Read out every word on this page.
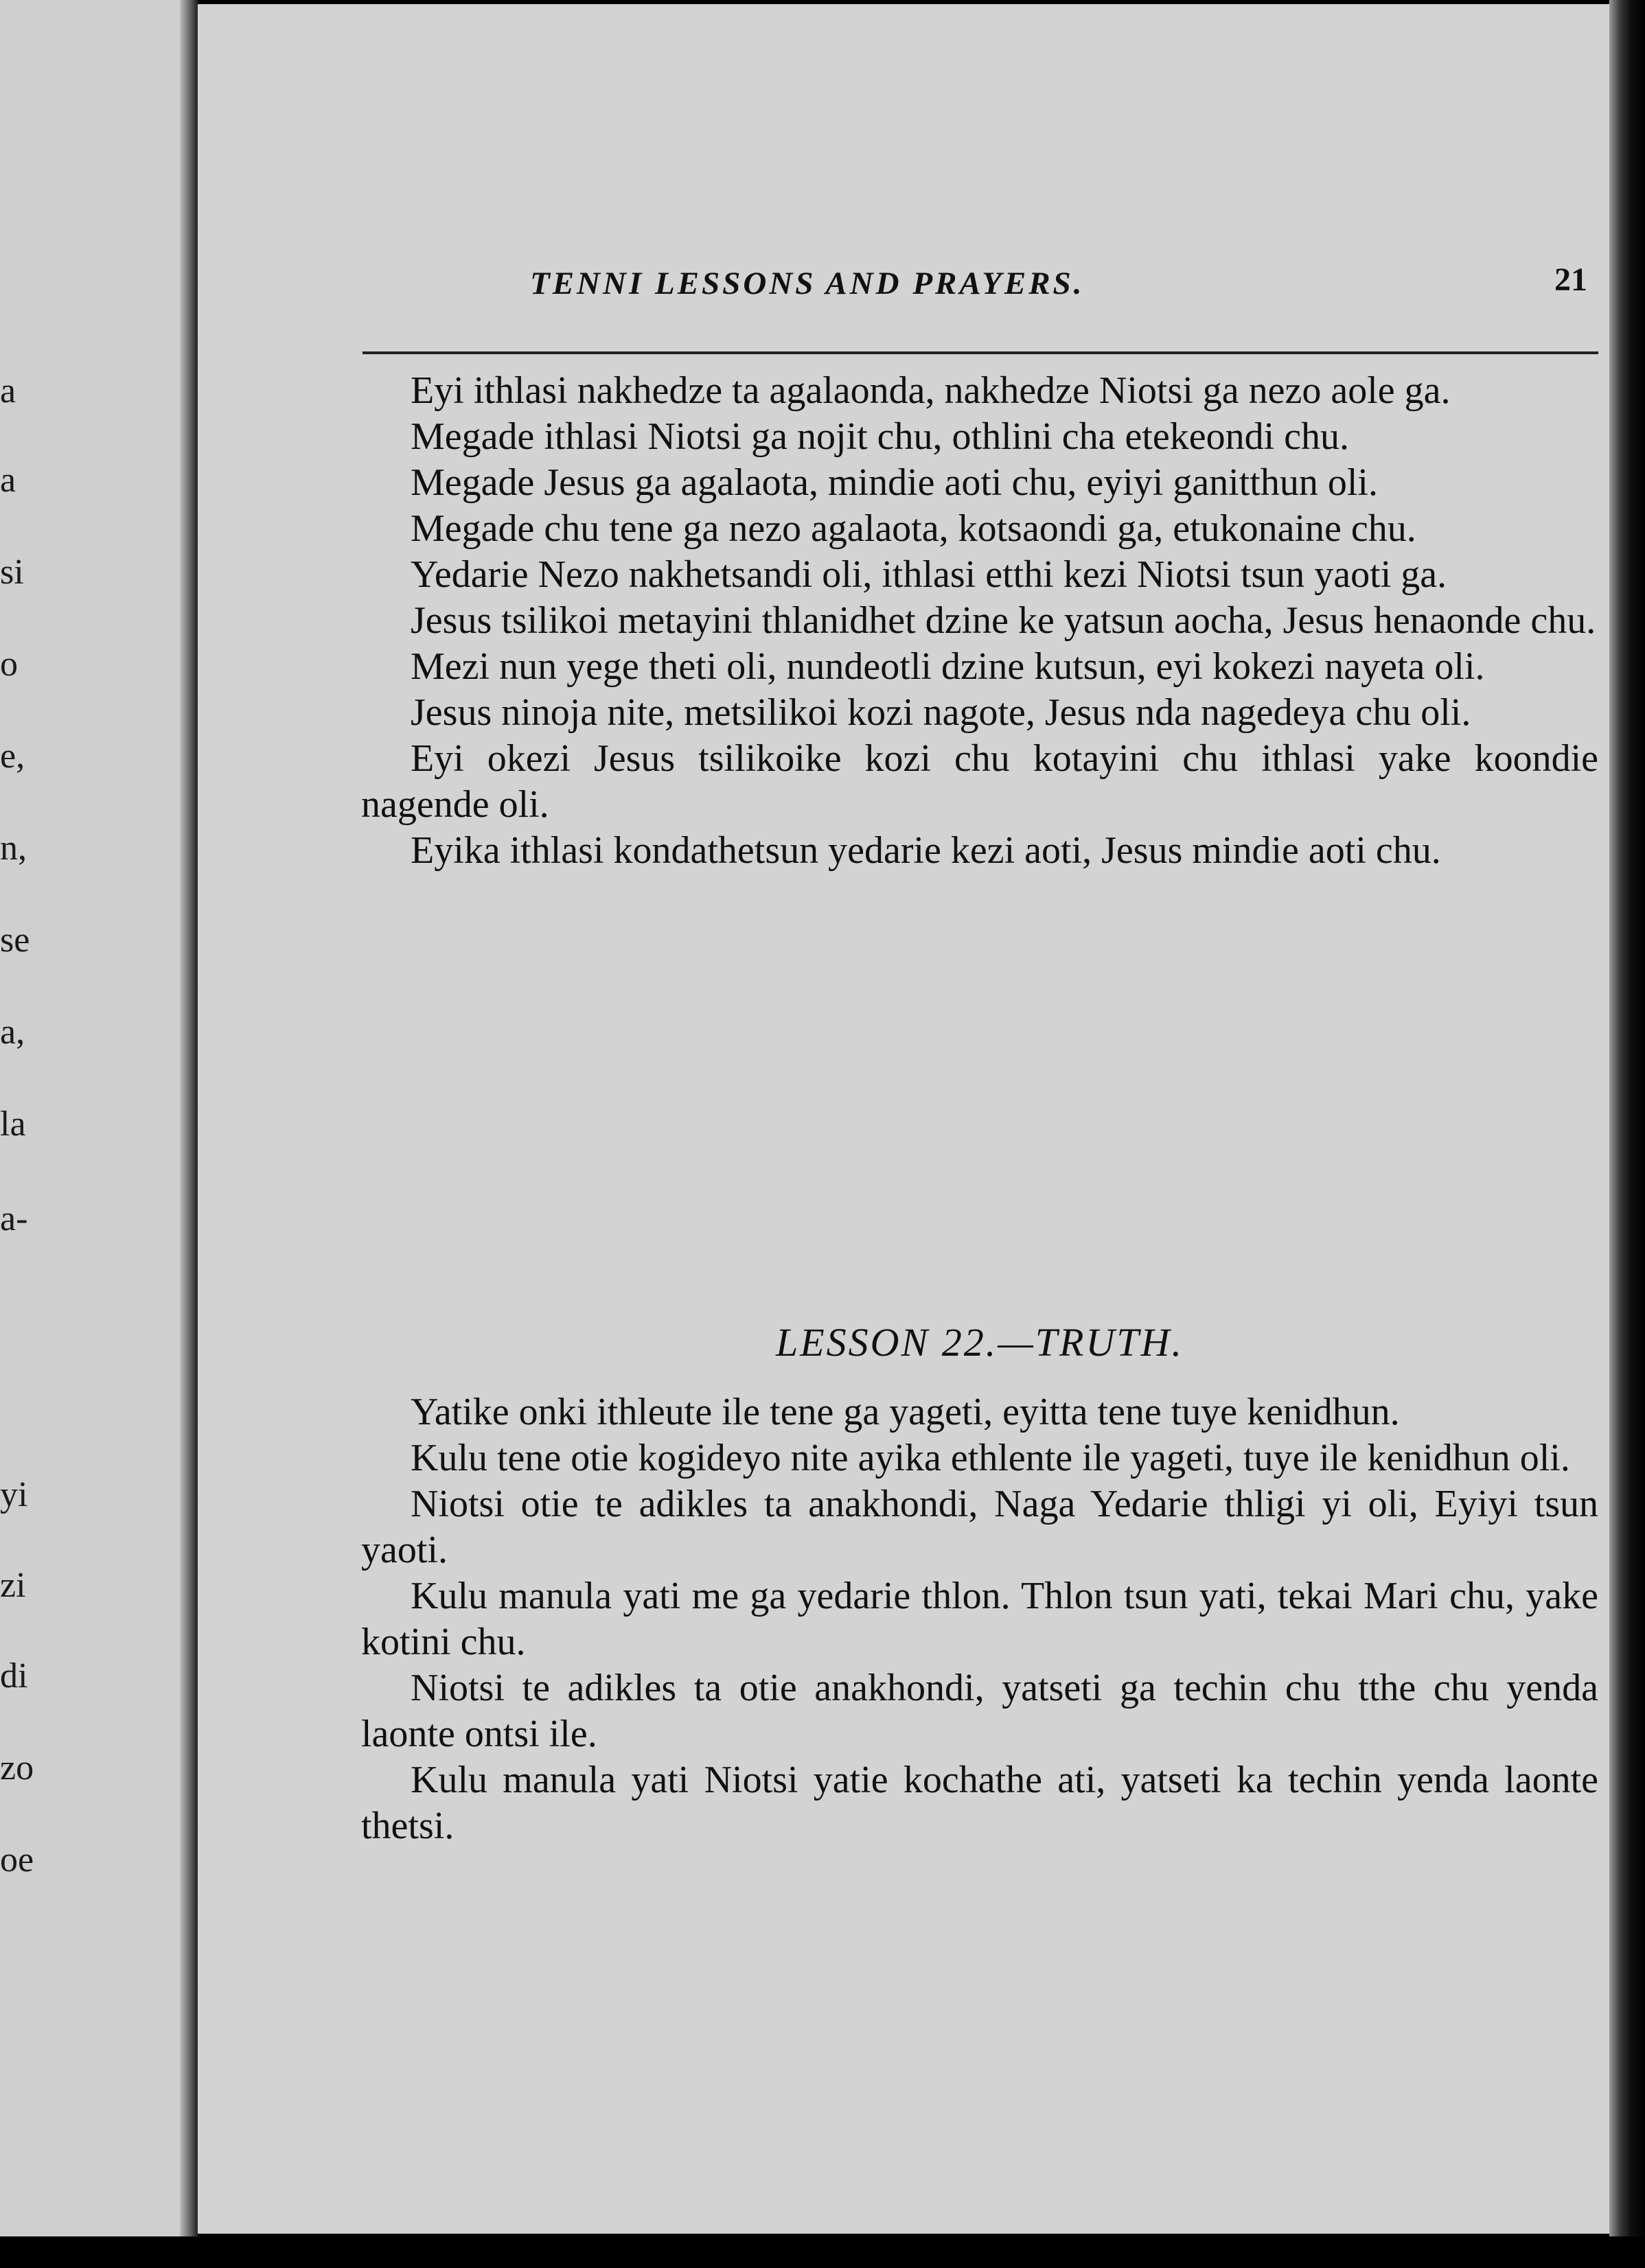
a
a
si
o
e,
n,
se
a,
la
a-
yi
zi
di
zo
oe
TENNI LESSONS AND PRAYERS.	21

Eyi ithlasi nakhedze ta agalaonda, nakhedze Niotsi ga nezo aole ga.

Megade ithlasi Niotsi ga nojit chu, othlini cha etekeondi chu.

Megade Jesus ga agalaota, mindie aoti chu, eyiyi ganitthun oli.

Megade chu tene ga nezo agalaota, kotsaondi ga, etukonaine chu.

Yedarie Nezo nakhetsandi oli, ithlasi etthi kezi Niotsi tsun yaoti ga.

Jesus tsilikoi metayini thlanidhet dzine ke yatsun aocha, Jesus henaonde chu.

Mezi nun yege theti oli, nundeotli dzine kutsun, eyi kokezi nayeta oli.

Jesus ninoja nite, metsilikoi kozi nagote, Jesus nda nagedeya chu oli.

Eyi okezi Jesus tsilikoike kozi chu kotayini chu ithlasi yake koondie nagende oli.

Eyika ithlasi kondathetsun yedarie kezi aoti, Jesus mindie aoti chu.

LESSON 22.—TRUTH.

Yatike onki ithleute ile tene ga yageti, eyitta tene tuye kenidhun.

Kulu tene otie kogideyo nite ayika ethlente ile yageti, tuye ile kenidhun oli.

Niotsi otie te adikles ta anakhondi, Naga Yedarie thligi yi oli, Eyiyi tsun yaoti.

Kulu manula yati me ga yedarie thlon. Thlon tsun yati, tekai Mari chu, yake kotini chu.

Niotsi te adikles ta otie anakhondi, yatseti ga techin chu tthe chu yenda laonte ontsi ile.

Kulu manula yati Niotsi yatie kochathe ati, yatseti ka techin yenda laonte thetsi.
